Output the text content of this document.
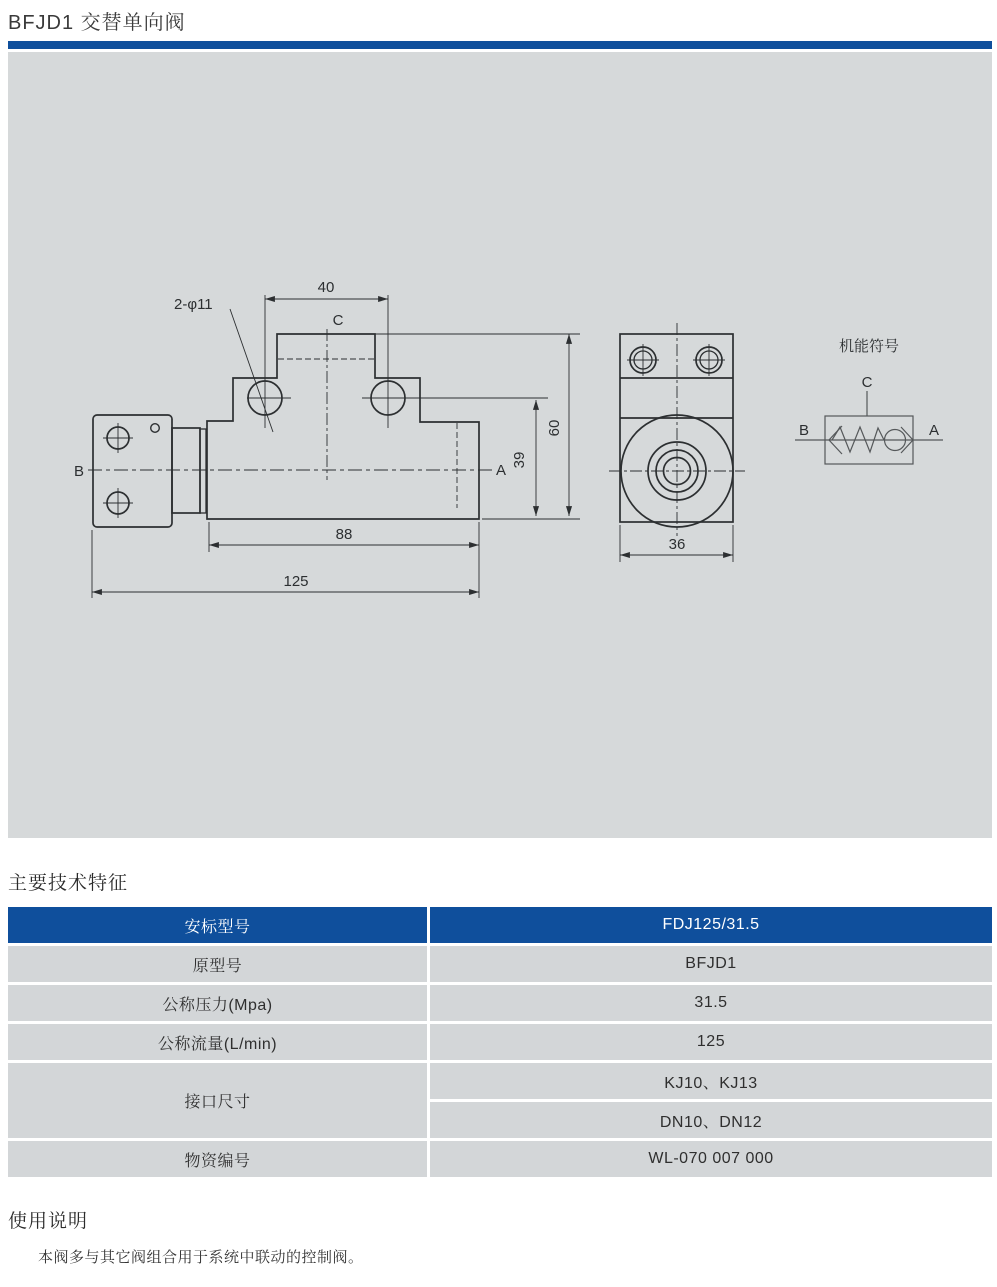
BFJD1 交替单向阀
2-φ11
40
C
B	A
39
60
88
125
36
机能符号
C
B	A
主要技术特征
安标型号	FDJ125/31.5
原型号	BFJD1
公称压力(Mpa)	31.5
公称流量(L/min)	125
接口尺寸
KJ10、KJ13
DN10、DN12
物资编号	WL-070 007 000
使用说明
本阀多与其它阀组合用于系统中联动的控制阀。
